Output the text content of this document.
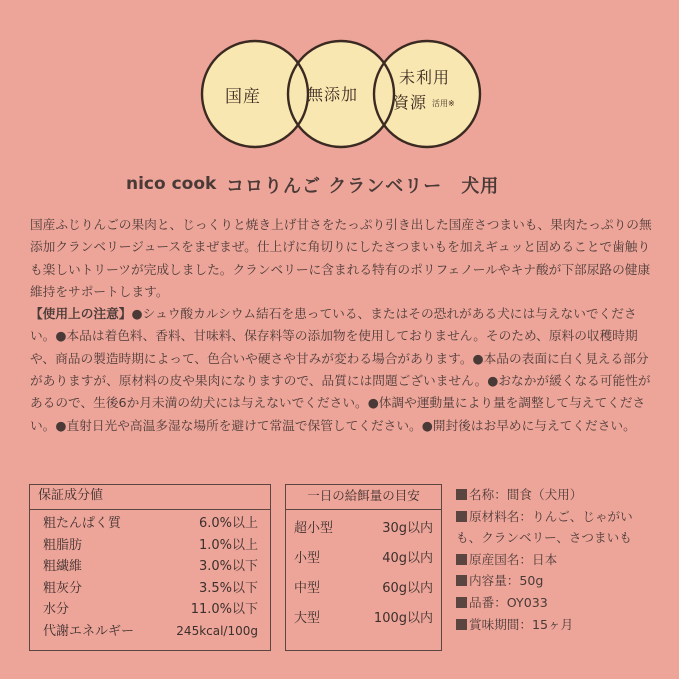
国産	無添加
未利用
資源 活用※
nico cook コロりんご クランベリー　犬用

国産ふじりんごの果肉と、じっくりと焼き上げ甘さをたっぷり引き出した国産さつまいも、果肉たっぷりの無添加クランベリージュースをまぜまぜ。仕上げに角切りにしたさつまいもを加えギュッと固めることで歯触りも楽しいトリーツが完成しました。クランベリーに含まれる特有のポリフェノールやキナ酸が下部尿路の健康維持をサポートします。

【使用上の注意】●シュウ酸カルシウム結石を患っている、またはその恐れがある犬には与えないでください。●本品は着色料、香料、甘味料、保存料等の添加物を使用しておりません。そのため、原料の収穫時期や、商品の製造時期によって、色合いや硬さや甘みが変わる場合があります。●本品の表面に白く見える部分がありますが、原材料の皮や果肉になりますので、品質には問題ございません。●おなかが緩くなる可能性があるので、生後6か月未満の幼犬には与えないでください。●体調や運動量により量を調整して与えてください。●直射日光や高温多湿な場所を避けて常温で保管してください。●開封後はお早めに与えてください。

保証成分値
粗たんぱく質	6.0%以上
粗脂肪	1.0%以上
粗繊維	3.0%以下
粗灰分	3.5%以下
水分	11.0%以下
代謝エネルギー	245kcal/100g
一日の給餌量の目安
超小型	30g以内
小型	40g以内
中型	60g以内
大型	100g以内
名称：間食（犬用）
原材料名：りんご、じゃがい
も、クランベリー、さつまいも
原産国名：日本
内容量：50g
品番：OY033
賞味期間：15ヶ月
